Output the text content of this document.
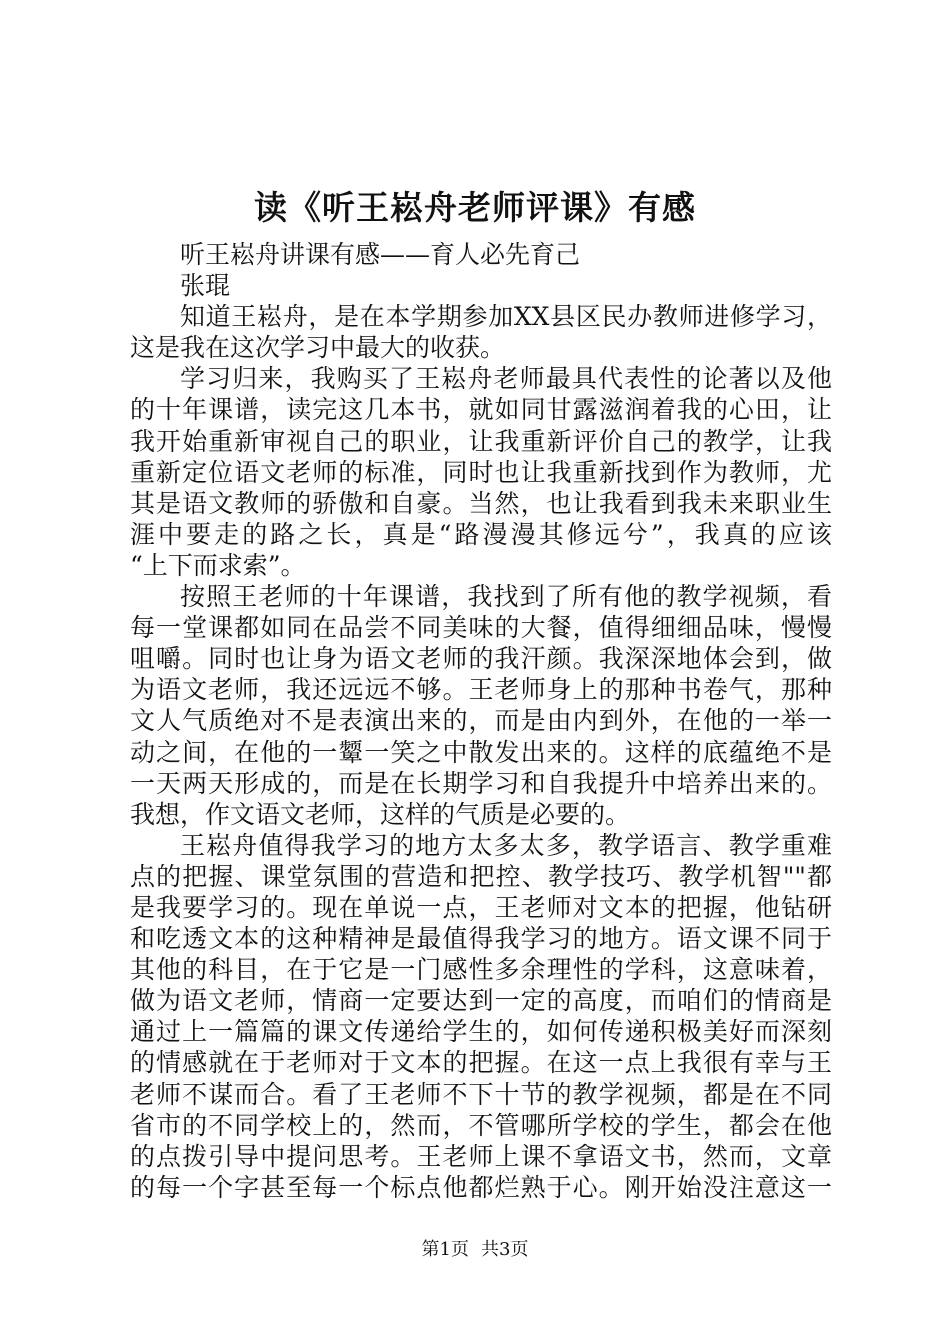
读《听王崧舟老师评课》有感
听王崧舟讲课有感——育人必先育己
张琨
知道王崧舟，是在本学期参加XX县区民办教师进修学习，
这是我在这次学习中最大的收获。
学习归来，我购买了王崧舟老师最具代表性的论著以及他
的十年课谱，读完这几本书，就如同甘露滋润着我的心田，让
我开始重新审视自己的职业，让我重新评价自己的教学，让我
重新定位语文老师的标准，同时也让我重新找到作为教师，尤
其是语文教师的骄傲和自豪。当然，也让我看到我未来职业生
涯中要走的路之长，真是“路漫漫其修远兮”，我真的应该
“上下而求索”。
按照王老师的十年课谱，我找到了所有他的教学视频，看
每一堂课都如同在品尝不同美味的大餐，值得细细品味，慢慢
咀嚼。同时也让身为语文老师的我汗颜。我深深地体会到，做
为语文老师，我还远远不够。王老师身上的那种书卷气，那种
文人气质绝对不是表演出来的，而是由内到外，在他的一举一
动之间，在他的一颦一笑之中散发出来的。这样的底蕴绝不是
一天两天形成的，而是在长期学习和自我提升中培养出来的。
我想，作文语文老师，这样的气质是必要的。
王崧舟值得我学习的地方太多太多，教学语言、教学重难
点的把握、课堂氛围的营造和把控、教学技巧、教学机智""都
是我要学习的。现在单说一点，王老师对文本的把握，他钻研
和吃透文本的这种精神是最值得我学习的地方。语文课不同于
其他的科目，在于它是一门感性多余理性的学科，这意味着，
做为语文老师，情商一定要达到一定的高度，而咱们的情商是
通过上一篇篇的课文传递给学生的，如何传递积极美好而深刻
的情感就在于老师对于文本的把握。在这一点上我很有幸与王
老师不谋而合。看了王老师不下十节的教学视频，都是在不同
省市的不同学校上的，然而，不管哪所学校的学生，都会在他
的点拨引导中提问思考。王老师上课不拿语文书，然而，文章
的每一个字甚至每一个标点他都烂熟于心。刚开始没注意这一
第1页 共3页
